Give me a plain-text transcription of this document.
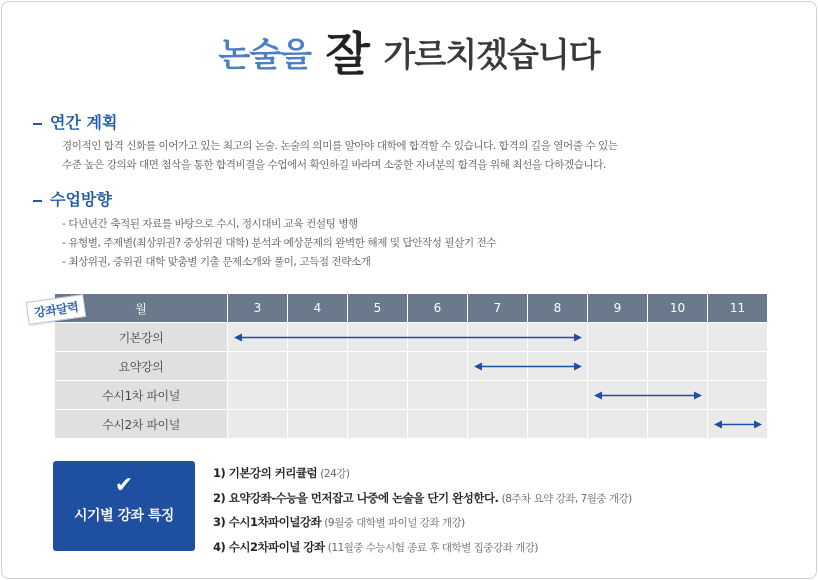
논술을 잘 가르치겠습니다
연간 계획
경이적인 합격 신화를 이어가고 있는 최고의 논술. 논술의 의미를 알아야 대학에 합격할 수 있습니다. 합격의 길을 열어줄 수 있는
수준 높은 강의와 대면 첨삭을 통한 합격비결을 수업에서 확인하길 바라며 소중한 자녀분의 합격을 위해 최선을 다하겠습니다.
수업방향
- 다년년간 축적된 자료를 바탕으로 수시, 정시대비 교육 컨설팅 병행
- 유형별, 주제별(최상위권? 중상위권 대학) 분석과 예상문제의 완벽한 해제 및 답안작성 필살기 전수
- 최상위권, 중위권 대학 맞춤별 기출 문제소개와 풀이, 고득점 전략소개
강좌달력	월	3	4	5	6	7	8	9	10	11
기본강의
요약강의
수시1차 파이널
수시2차 파이널
✔
시기별 강좌 특징
1) 기본강의 커리큘럼 (24강)
2) 요약강좌-수능을 먼저잡고 나중에 논술을 단기 완성한다. (8주차 요약 강좌, 7월중 개강)
3) 수시1차파이널강좌 (9월중 대학별 파이널 강좌 개강)
4) 수시2차파이널 강좌 (11월중 수능시험 종료 후 대학별 집중강좌 개강)
